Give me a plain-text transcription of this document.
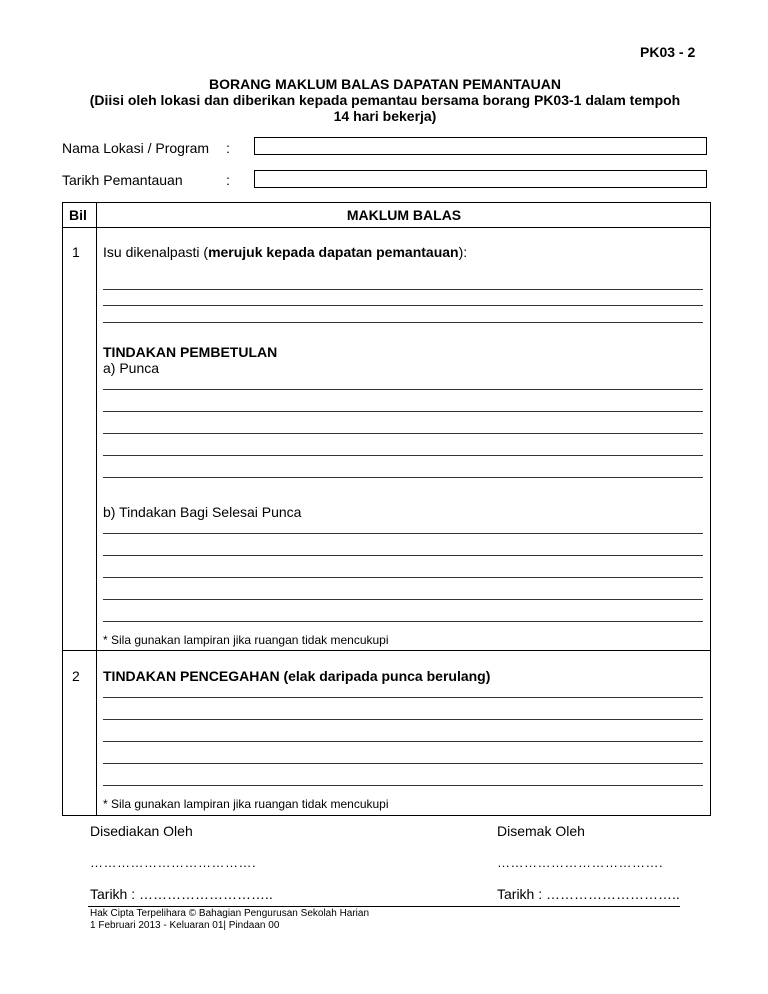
PK03 - 2
BORANG MAKLUM BALAS DAPATAN PEMANTAUAN
(Diisi oleh lokasi dan diberikan kepada pemantau bersama borang PK03-1 dalam tempoh
14 hari bekerja)
Nama Lokasi / Program :
Tarikh Pemantauan	:
Bil	MAKLUM BALAS
1 Isu dikenalpasti (merujuk kepada dapatan pemantauan):
TINDAKAN PEMBETULAN
a) Punca
b) Tindakan Bagi Selesai Punca
* Sila gunakan lampiran jika ruangan tidak mencukupi
2 TINDAKAN PENCEGAHAN (elak daripada punca berulang)
* Sila gunakan lampiran jika ruangan tidak mencukupi
Disediakan Oleh	Disemak Oleh
……………………………….	……………………………….
Tarikh : ………………………..	Tarikh : ………………………..
Hak Cipta Terpelihara © Bahagian Pengurusan Sekolah Harian
1 Februari 2013 - Keluaran 01| Pindaan 00
